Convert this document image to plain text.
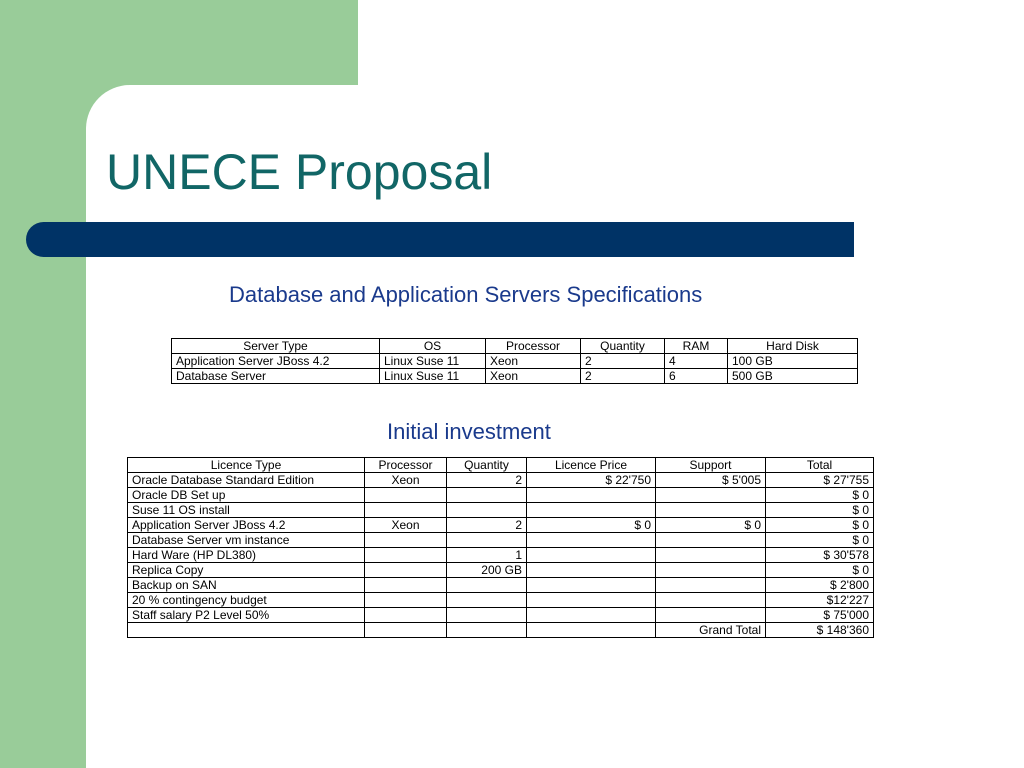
UNECE Proposal
Database and Application Servers Specifications
Server Type	OS	Processor	Quantity	RAM	Hard Disk
Application Server JBoss 4.2	Linux Suse 11	Xeon	2	4	100 GB
Database Server	Linux Suse 11	Xeon	2	6	500 GB
Initial investment
Licence Type	Processor	Quantity	Licence Price	Support	Total
Oracle Database Standard Edition	Xeon	2	$ 22'750	$ 5'005	$ 27'755
Oracle DB Set up					$ 0
Suse 11 OS install					$ 0
Application Server JBoss 4.2	Xeon	2	$ 0	$ 0	$ 0
Database Server vm instance					$ 0
Hard Ware (HP DL380)		1			$ 30'578
Replica Copy		200 GB			$ 0
Backup on SAN					$ 2'800
20 % contingency budget					$12'227
Staff salary P2 Level 50%					$ 75'000
				Grand Total	$ 148'360
